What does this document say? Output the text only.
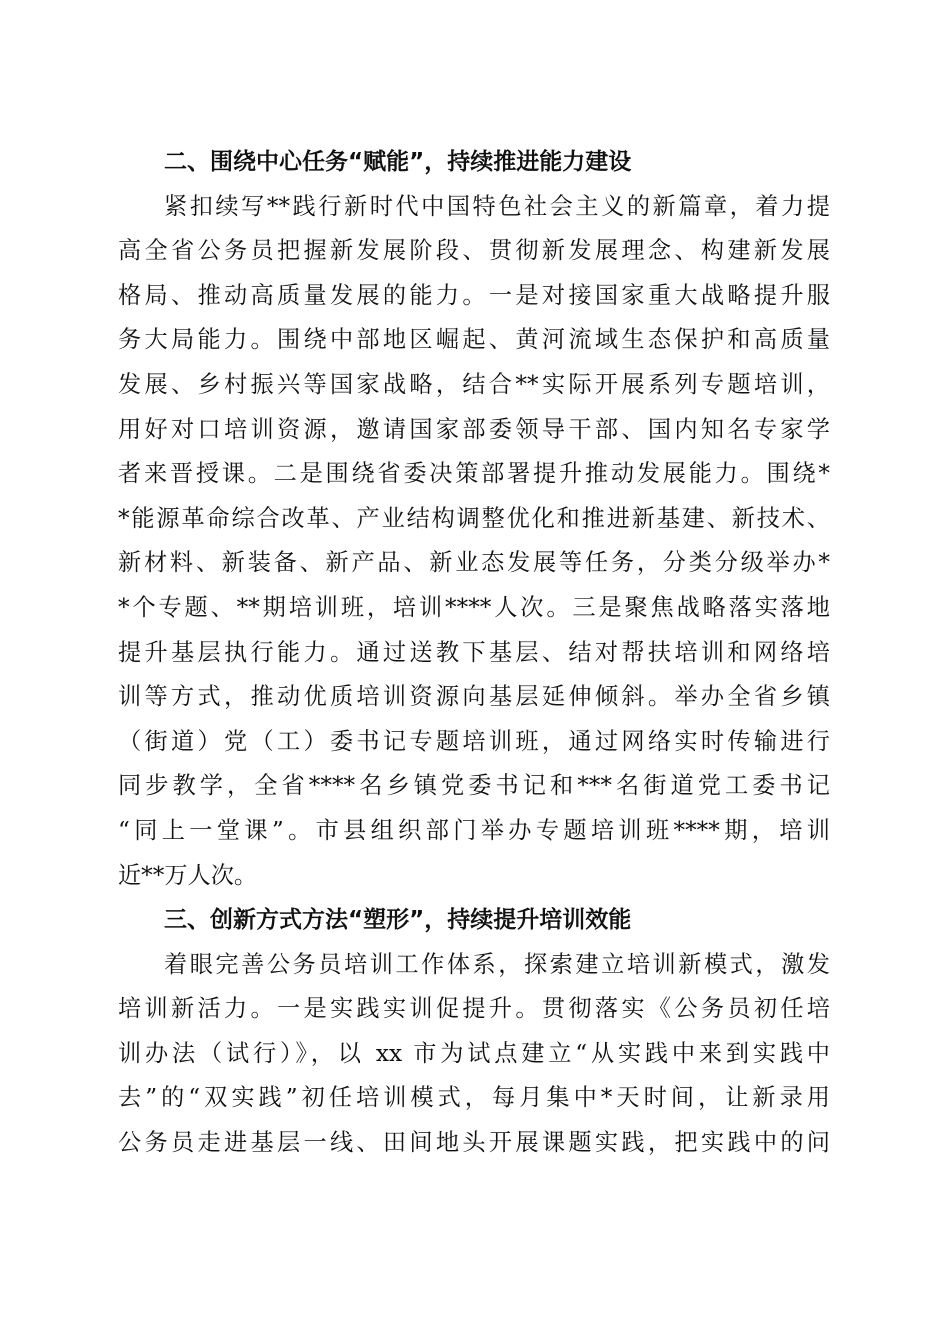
二、围绕中心任务“赋能”，持续推进能力建设

紧扣续写**践行新时代中国特色社会主义的新篇章，着力提
高全省公务员把握新发展阶段、贯彻新发展理念、构建新发展
格局、推动高质量发展的能力。一是对接国家重大战略提升服
务大局能力。围绕中部地区崛起、黄河流域生态保护和高质量
发展、乡村振兴等国家战略，结合**实际开展系列专题培训，
用好对口培训资源，邀请国家部委领导干部、国内知名专家学
者来晋授课。二是围绕省委决策部署提升推动发展能力。围绕*
*能源革命综合改革、产业结构调整优化和推进新基建、新技术、
新材料、新装备、新产品、新业态发展等任务，分类分级举办*
*个专题、**期培训班，培训****人次。三是聚焦战略落实落地
提升基层执行能力。通过送教下基层、结对帮扶培训和网络培
训等方式，推动优质培训资源向基层延伸倾斜。举办全省乡镇
（街道）党（工）委书记专题培训班，通过网络实时传输进行
同步教学，全省****名乡镇党委书记和***名街道党工委书记
“同上一堂课”。市县组织部门举办专题培训班****期，培训
近**万人次。

三、创新方式方法“塑形”，持续提升培训效能

着眼完善公务员培训工作体系，探索建立培训新模式，激发
培训新活力。一是实践实训促提升。贯彻落实《公务员初任培
训办法（试行）》，以 xx 市为试点建立“从实践中来到实践中
去”的“双实践”初任培训模式，每月集中*天时间，让新录用
公务员走进基层一线、田间地头开展课题实践，把实践中的问
